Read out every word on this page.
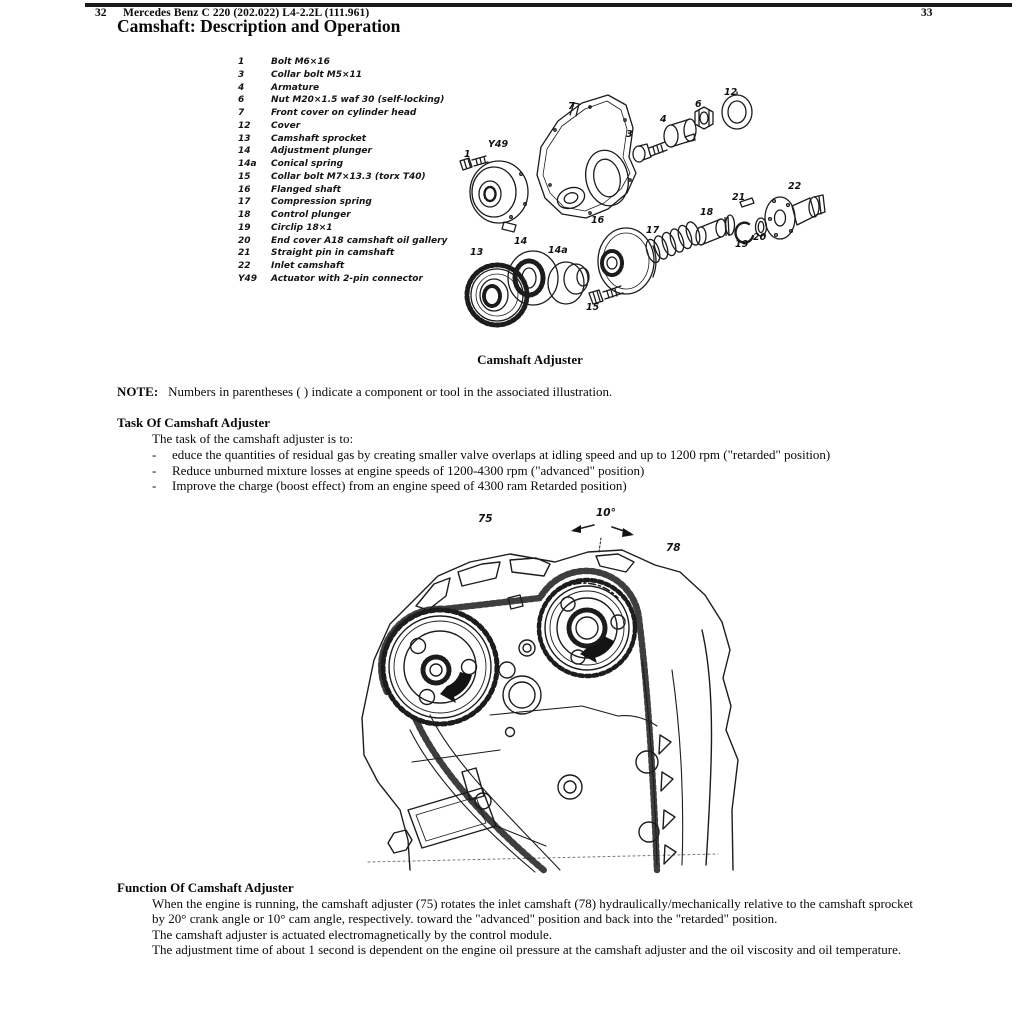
32 Mercedes Benz C 220 (202.022) L4-2.2L (111.961)	33
Camshaft: Description and Operation
1	Bolt M6×16
3	Collar bolt M5×11
4	Armature
6	Nut M20×1.5 waf 30 (self-locking)
7	Front cover on cylinder head
12	Cover
13	Camshaft sprocket
14	Adjustment plunger
14a	Conical spring
15	Collar bolt M7×13.3 (torx T40)
16	Flanged shaft
17	Compression spring
18	Control plunger
19	Circlip 18×1
20	End cover A18 camshaft oil gallery
21	Straight pin in camshaft
22	Inlet camshaft
Y49	Actuator with 2-pin connector
1
Y49
7
3
4
6
12
13
14
14a
15
16
17
18
19
20
21
22
Camshaft Adjuster
NOTE: Numbers in parentheses ( ) indicate a component or tool in the associated illustration.
Task Of Camshaft Adjuster
The task of the camshaft adjuster is to:
-	educe the quantities of residual gas by creating smaller valve overlaps at idling speed and up to 1200 rpm ("retarded" position)
-	Reduce unburned mixture losses at engine speeds of 1200-4300 rpm ("advanced" position)
-	Improve the charge (boost effect) from an engine speed of 4300 ram Retarded position)
75	10°
78
Function Of Camshaft Adjuster
When the engine is running, the camshaft adjuster (75) rotates the inlet camshaft (78) hydraulically/mechanically relative to the camshaft sprocket by 20° crank angle or 10° cam angle, respectively. toward the "advanced" position and back into the "retarded" position.
The camshaft adjuster is actuated electromagnetically by the control module.
The adjustment time of about 1 second is dependent on the engine oil pressure at the camshaft adjuster and the oil viscosity and oil temperature.
